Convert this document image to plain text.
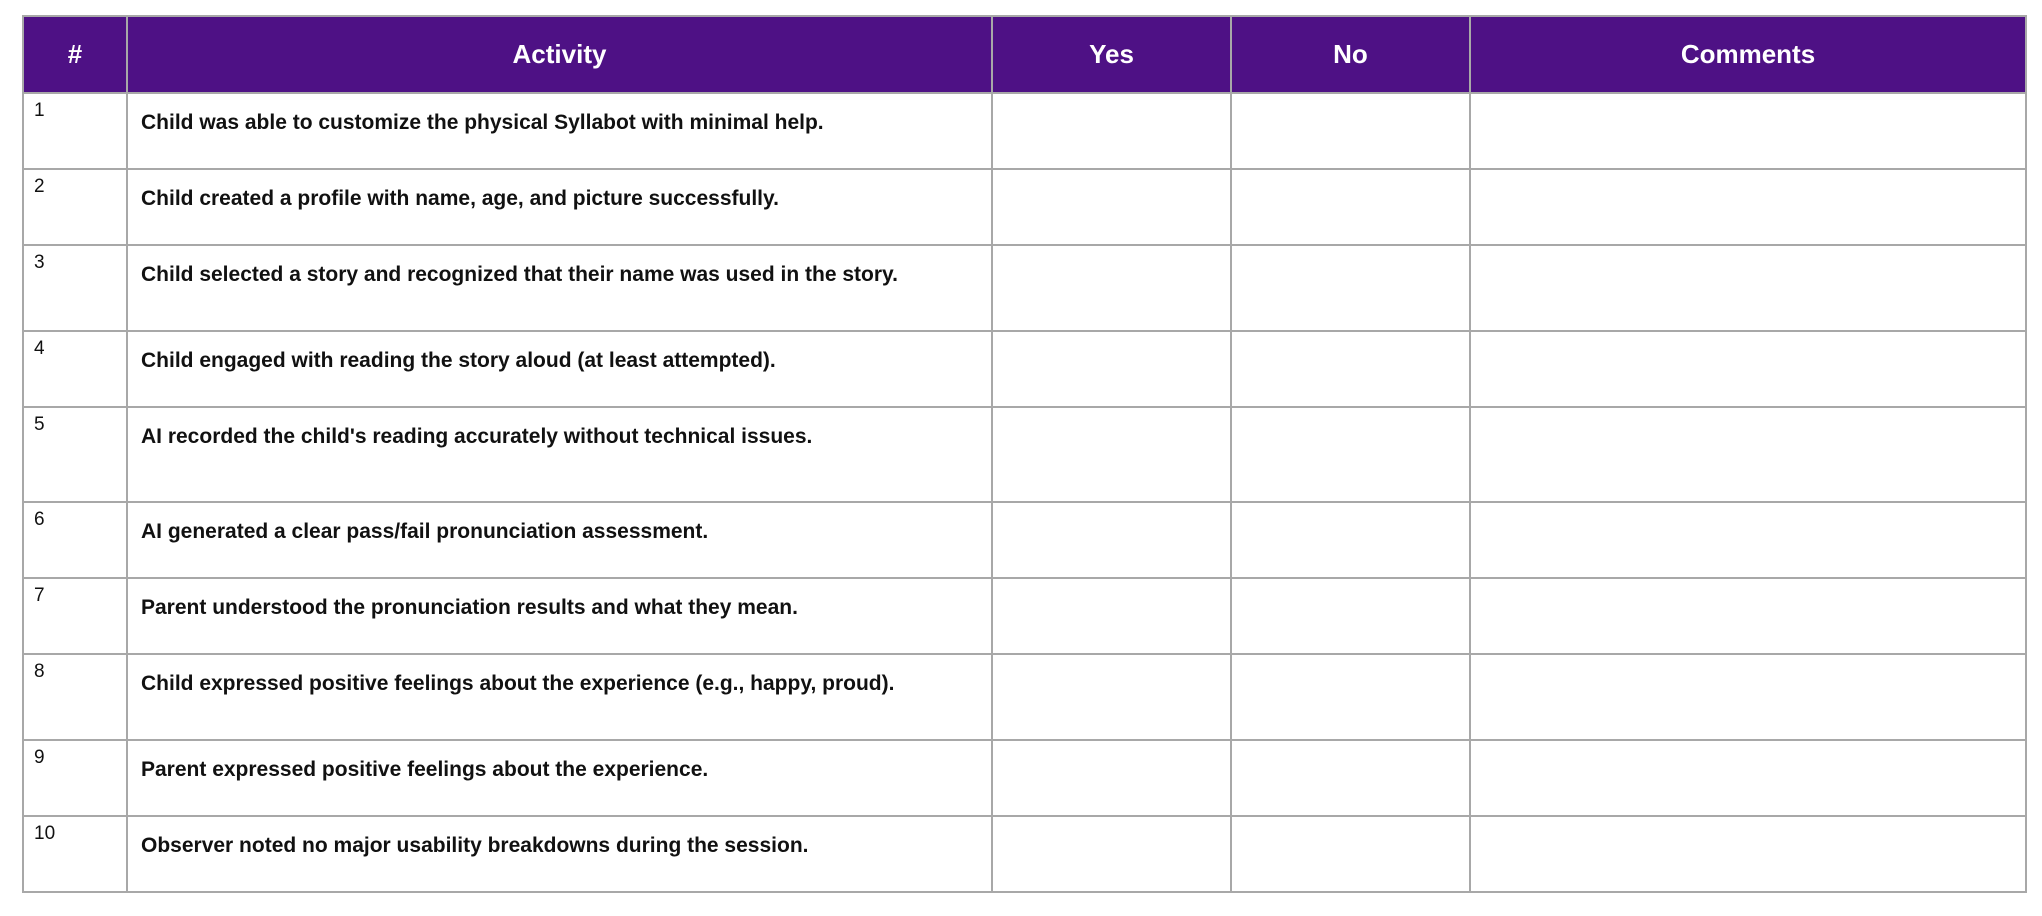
#	Activity	Yes	No	Comments
1	Child was able to customize the physical Syllabot with minimal help.			
2	Child created a profile with name, age, and picture successfully.			
3	Child selected a story and recognized that their name was used in the story.			
4	Child engaged with reading the story aloud (at least attempted).			
5	AI recorded the child's reading accurately without technical issues.			
6	AI generated a clear pass/fail pronunciation assessment.			
7	Parent understood the pronunciation results and what they mean.			
8	Child expressed positive feelings about the experience (e.g., happy, proud).			
9	Parent expressed positive feelings about the experience.			
10	Observer noted no major usability breakdowns during the session.			
